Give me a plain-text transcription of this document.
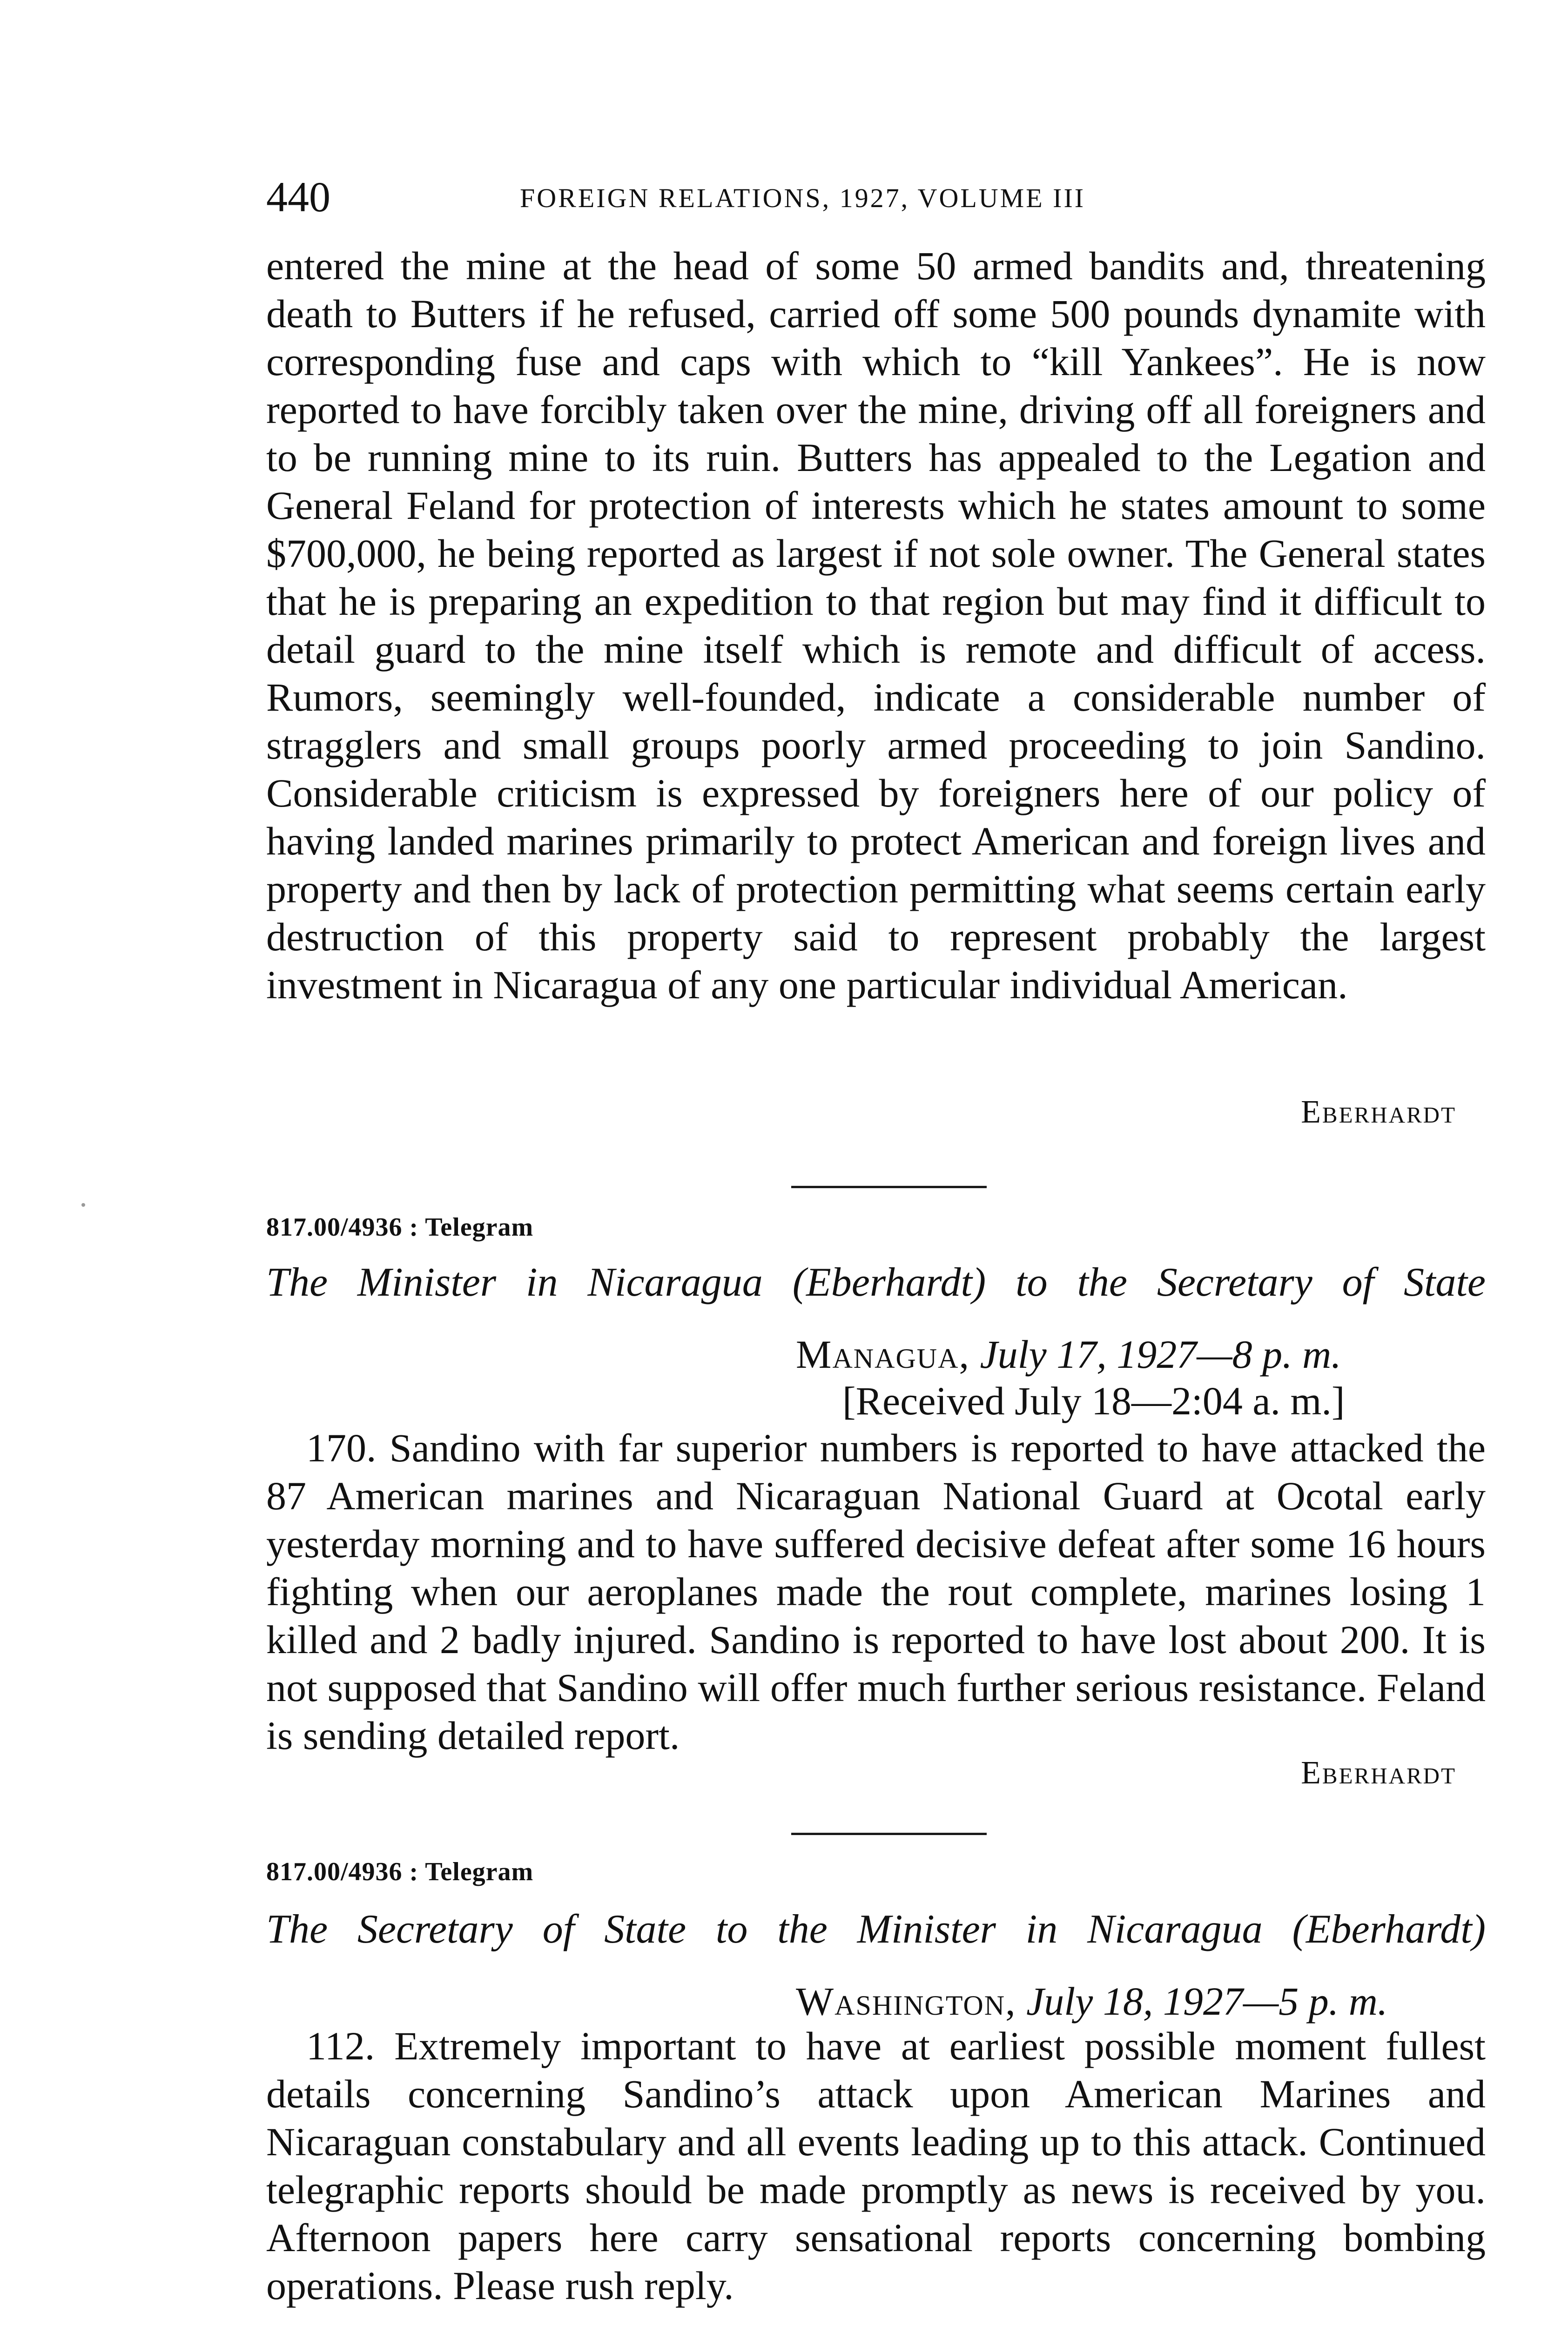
440	FOREIGN RELATIONS, 1927, VOLUME III

entered the mine at the head of some 50 armed bandits and, threatening death to Butters if he refused, carried off some 500 pounds dynamite with corresponding fuse and caps with which to “kill Yankees”. He is now reported to have forcibly taken over the mine, driving off all foreigners and to be running mine to its ruin. Butters has appealed to the Legation and General Feland for protection of interests which he states amount to some $700,000, he being reported as largest if not sole owner. The General states that he is preparing an expedition to that region but may find it difficult to detail guard to the mine itself which is remote and difficult of access. Rumors, seemingly well-founded, indicate a considerable number of stragglers and small groups poorly armed proceeding to join Sandino. Considerable criticism is expressed by foreigners here of our policy of having landed marines primarily to protect American and foreign lives and property and then by lack of protection permitting what seems certain early destruction of this property said to represent probably the largest investment in Nicaragua of any one particular individual American.

Eberhardt
817.00/4936 : Telegram
The Minister in Nicaragua (Eberhardt) to the Secretary of State
Managua, July 17, 1927—8 p. m.
[Received July 18—2:04 a. m.]

170. Sandino with far superior numbers is reported to have attacked the 87 American marines and Nicaraguan National Guard at Ocotal early yesterday morning and to have suffered decisive defeat after some 16 hours fighting when our aeroplanes made the rout complete, marines losing 1 killed and 2 badly injured. Sandino is reported to have lost about 200. It is not supposed that Sandino will offer much further serious resistance. Feland is sending detailed report.

Eberhardt
817.00/4936 : Telegram
The Secretary of State to the Minister in Nicaragua (Eberhardt)
Washington, July 18, 1927—5 p. m.

112. Extremely important to have at earliest possible moment fullest details concerning Sandino’s attack upon American Marines and Nicaraguan constabulary and all events leading up to this attack. Continued telegraphic reports should be made promptly as news is received by you. Afternoon papers here carry sensational reports concerning bombing operations. Please rush reply.
